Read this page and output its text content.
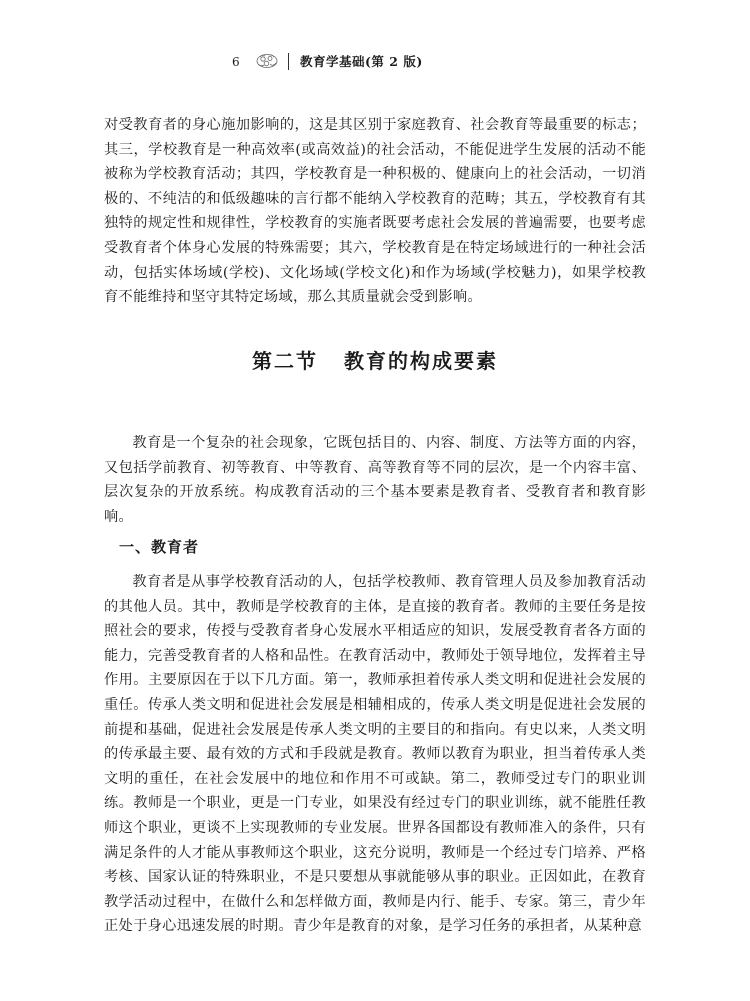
6	教育学基础(第 2 版)

对受教育者的身心施加影响的，这是其区别于家庭教育、社会教育等最重要的标志；其三，学校教育是一种高效率(或高效益)的社会活动，不能促进学生发展的活动不能被称为学校教育活动；其四，学校教育是一种积极的、健康向上的社会活动，一切消极的、不纯洁的和低级趣味的言行都不能纳入学校教育的范畴；其五，学校教育有其独特的规定性和规律性，学校教育的实施者既要考虑社会发展的普遍需要，也要考虑受教育者个体身心发展的特殊需要；其六，学校教育是在特定场域进行的一种社会活动，包括实体场域(学校)、文化场域(学校文化)和作为场域(学校魅力)，如果学校教育不能维持和坚守其特定场域，那么其质量就会受到影响。

第二节 教育的构成要素

教育是一个复杂的社会现象，它既包括目的、内容、制度、方法等方面的内容，又包括学前教育、初等教育、中等教育、高等教育等不同的层次，是一个内容丰富、层次复杂的开放系统。构成教育活动的三个基本要素是教育者、受教育者和教育影响。

一、教育者

教育者是从事学校教育活动的人，包括学校教师、教育管理人员及参加教育活动的其他人员。其中，教师是学校教育的主体，是直接的教育者。教师的主要任务是按照社会的要求，传授与受教育者身心发展水平相适应的知识，发展受教育者各方面的能力，完善受教育者的人格和品性。在教育活动中，教师处于领导地位，发挥着主导作用。主要原因在于以下几方面。第一，教师承担着传承人类文明和促进社会发展的重任。传承人类文明和促进社会发展是相辅相成的，传承人类文明是促进社会发展的前提和基础，促进社会发展是传承人类文明的主要目的和指向。有史以来，人类文明的传承最主要、最有效的方式和手段就是教育。教师以教育为职业，担当着传承人类文明的重任，在社会发展中的地位和作用不可或缺。第二，教师受过专门的职业训练。教师是一个职业，更是一门专业，如果没有经过专门的职业训练，就不能胜任教师这个职业，更谈不上实现教师的专业发展。世界各国都设有教师准入的条件，只有满足条件的人才能从事教师这个职业，这充分说明，教师是一个经过专门培养、严格考核、国家认证的特殊职业，不是只要想从事就能够从事的职业。正因如此，在教育教学活动过程中，在做什么和怎样做方面，教师是内行、能手、专家。第三，青少年正处于身心迅速发展的时期。青少年是教育的对象，是学习任务的承担者，从某种意
